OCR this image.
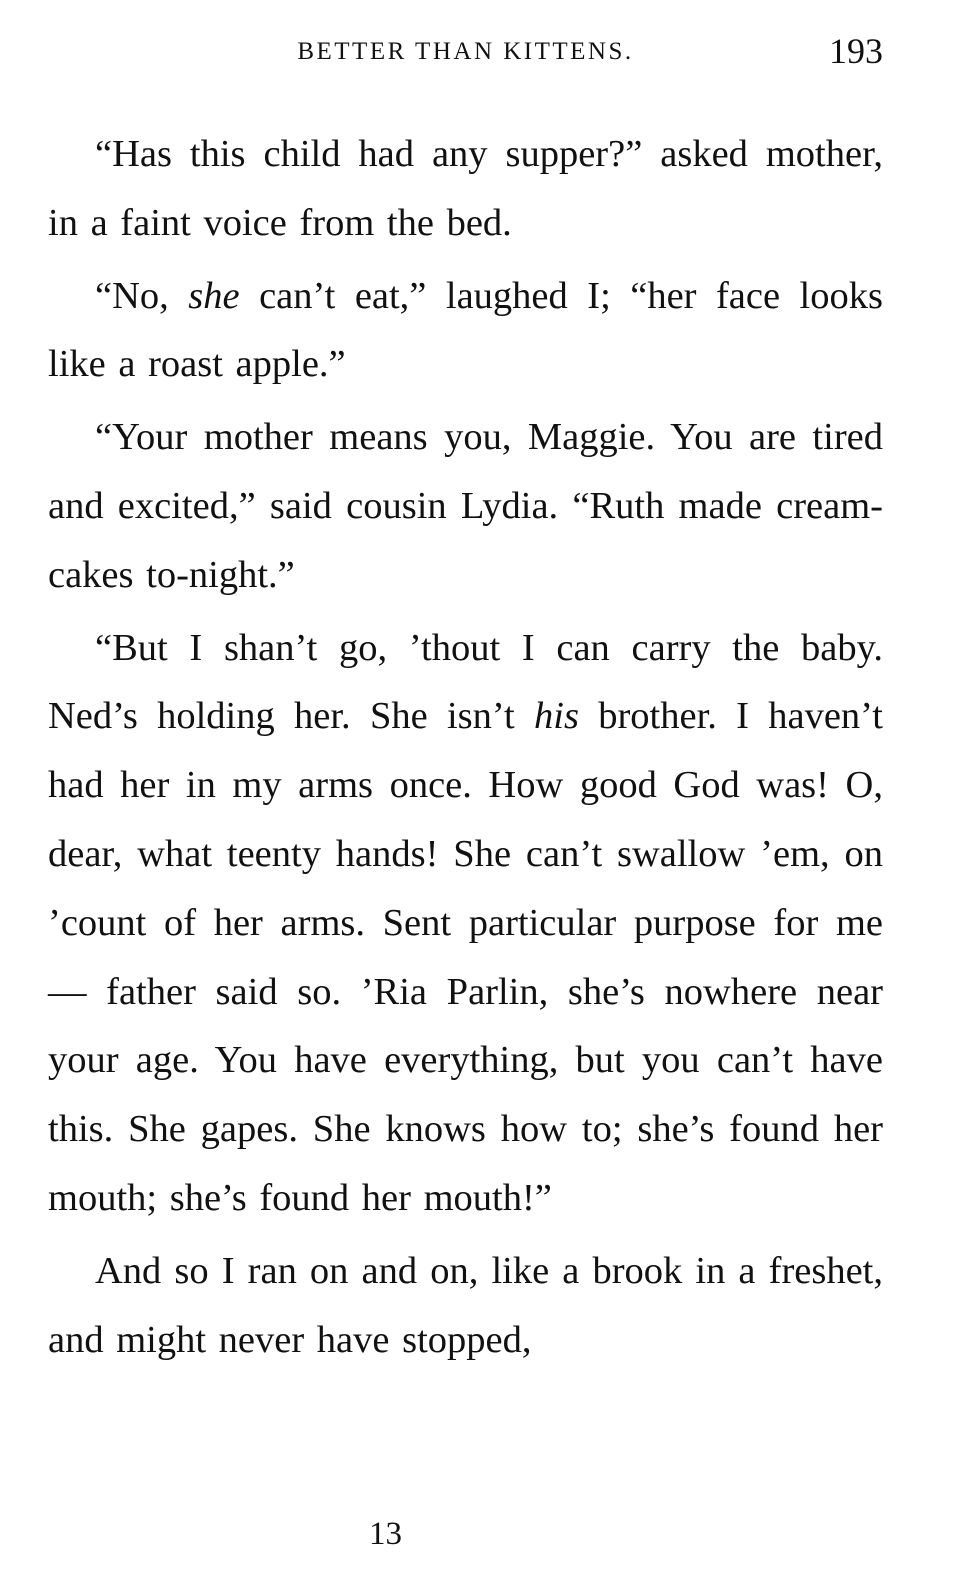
BETTER THAN KITTENS.	193

“Has this child had any supper?” asked mother, in a faint voice from the bed.

“No, she can’t eat,” laughed I; “her face looks like a roast apple.”

“Your mother means you, Maggie. You are tired and excited,” said cousin Lydia. “Ruth made cream-cakes to-night.”

“But I shan’t go, ’thout I can carry the baby. Ned’s holding her. She isn’t his brother. I haven’t had her in my arms once. How good God was! O, dear, what teenty hands! She can’t swallow ’em, on ’count of her arms. Sent particular purpose for me — father said so. ’Ria Parlin, she’s nowhere near your age. You have everything, but you can’t have this. She gapes. She knows how to; she’s found her mouth; she’s found her mouth!”

And so I ran on and on, like a brook in a freshet, and might never have stopped,

13
